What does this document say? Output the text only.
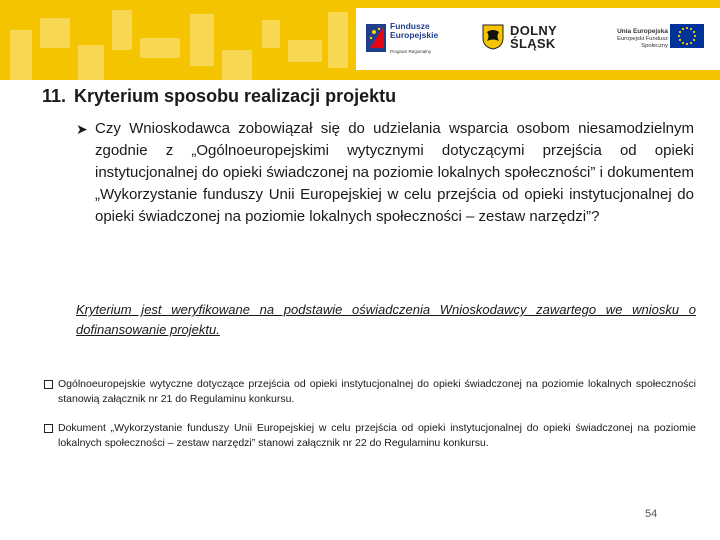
Fundusze
Europejskie
Program Regionalny
DOLNY
ŚLĄSK
Unia Europejska
Europejski Fundusz Społeczny
11. Kryterium sposobu realizacji projektu
➤ Czy Wnioskodawca zobowiązał się do udzielania wsparcia osobom niesamodzielnym zgodnie z „Ogólnoeuropejskimi wytycznymi dotyczącymi przejścia od opieki instytucjonalnej do opieki świadczonej na poziomie lokalnych społeczności” i dokumentem „Wykorzystanie funduszy Unii Europejskiej w celu przejścia od opieki instytucjonalnej do opieki świadczonej na poziomie lokalnych społeczności – zestaw narzędzi”?
Kryterium jest weryfikowane na podstawie oświadczenia Wnioskodawcy zawartego we wniosku o dofinansowanie projektu.
Ogólnoeuropejskie wytyczne dotyczące przejścia od opieki instytucjonalnej do opieki świadczonej na poziomie lokalnych społeczności stanowią załącznik nr 21 do Regulaminu konkursu.
Dokument „Wykorzystanie funduszy Unii Europejskiej w celu przejścia od opieki instytucjonalnej do opieki świadczonej na poziomie lokalnych społeczności – zestaw narzędzi” stanowi załącznik nr 22 do Regulaminu konkursu.
54
